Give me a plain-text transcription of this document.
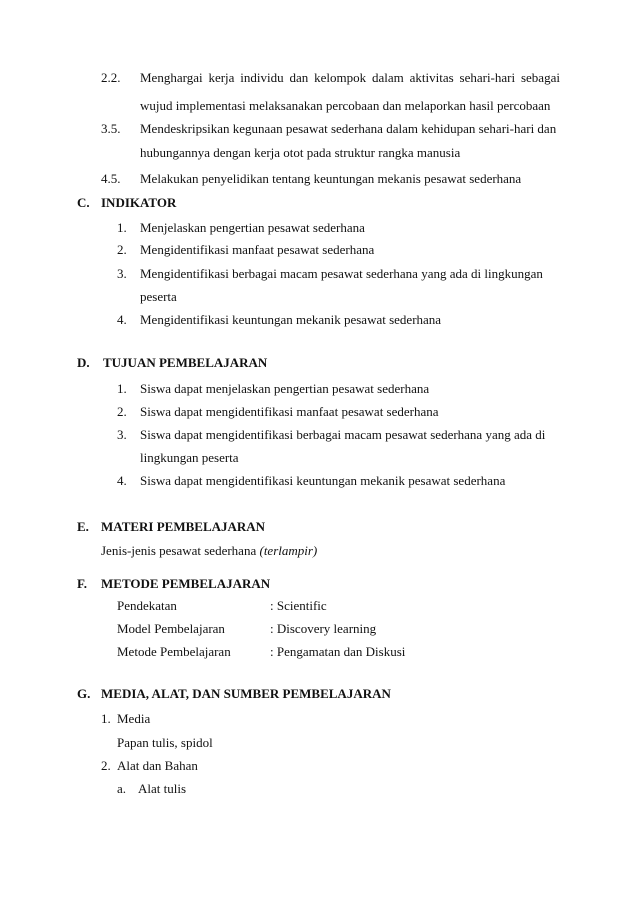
2.2. Menghargai kerja individu dan kelompok dalam aktivitas sehari-hari sebagai
wujud implementasi melaksanakan percobaan dan melaporkan hasil percobaan
3.5. Mendeskripsikan kegunaan pesawat sederhana dalam kehidupan sehari-hari dan
hubungannya dengan kerja otot pada struktur rangka manusia
4.5. Melakukan penyelidikan tentang keuntungan mekanis pesawat sederhana
C. INDIKATOR
1. Menjelaskan pengertian pesawat sederhana
2. Mengidentifikasi manfaat pesawat sederhana
3. Mengidentifikasi berbagai macam pesawat sederhana yang ada di lingkungan
peserta
4. Mengidentifikasi keuntungan mekanik pesawat sederhana
D. TUJUAN PEMBELAJARAN
1. Siswa dapat menjelaskan pengertian pesawat sederhana
2. Siswa dapat mengidentifikasi manfaat pesawat sederhana
3. Siswa dapat mengidentifikasi berbagai macam pesawat sederhana yang ada di
lingkungan peserta
4. Siswa dapat mengidentifikasi keuntungan mekanik pesawat sederhana
E. MATERI PEMBELAJARAN
Jenis-jenis pesawat sederhana (terlampir)
F. METODE PEMBELAJARAN
Pendekatan	: Scientific
Model Pembelajaran	: Discovery learning
Metode Pembelajaran	: Pengamatan dan Diskusi
G. MEDIA, ALAT, DAN SUMBER PEMBELAJARAN
1. Media
Papan tulis, spidol
2. Alat dan Bahan
a. Alat tulis
